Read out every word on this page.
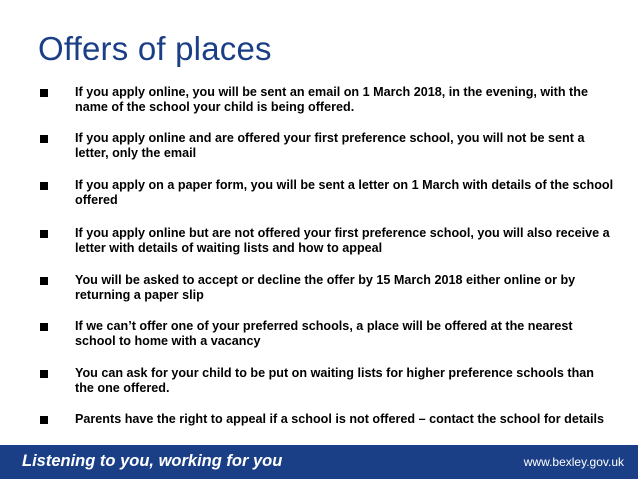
Offers of places
If you apply online, you will be sent an email on 1 March 2018, in the evening, with the name of the school your child is being offered.
If you apply online and are offered your first preference school, you will not be sent a letter, only the email
If you apply on a paper form, you will be sent a letter on 1 March with details of the school offered
If you apply online but are not offered your first preference school, you will also receive a letter with details of waiting lists and how to appeal
You will be asked to accept or decline the offer by 15 March 2018 either online or by returning a paper slip
If we can’t offer one of your preferred schools, a place will be offered at the nearest school to home with a vacancy
You can ask for your child to be put on waiting lists for higher preference schools than the one offered.
Parents have the right to appeal if a school is not offered – contact the school for details
Listening to you, working for you	www.bexley.gov.uk
